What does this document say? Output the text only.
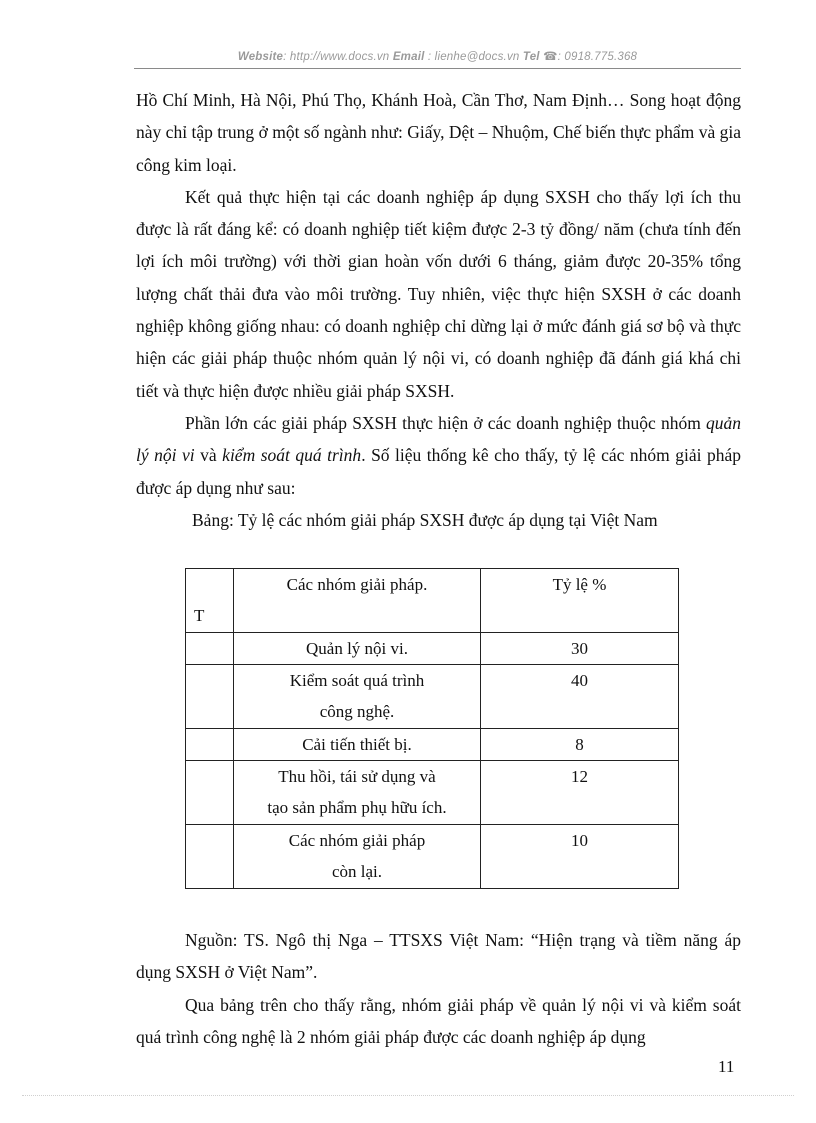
Website: http://www.docs.vn Email : lienhe@docs.vn Tel ☎: 0918.775.368

Hồ Chí Minh, Hà Nội, Phú Thọ, Khánh Hoà, Cần Thơ, Nam Định… Song hoạt động này chỉ tập trung ở một số ngành như: Giấy, Dệt – Nhuộm, Chế biến thực phẩm và gia công kim loại.

Kết quả thực hiện tại các doanh nghiệp áp dụng SXSH cho thấy lợi ích thu được là rất đáng kể: có doanh nghiệp tiết kiệm được 2-3 tỷ đồng/ năm (chưa tính đến lợi ích môi trường) với thời gian hoàn vốn dưới 6 tháng, giảm được 20-35% tổng lượng chất thải đưa vào môi trường. Tuy nhiên, việc thực hiện SXSH ở các doanh nghiệp không giống nhau: có doanh nghiệp chỉ dừng lại ở mức đánh giá sơ bộ và thực hiện các giải pháp thuộc nhóm quản lý nội vi, có doanh nghiệp đã đánh giá khá chi tiết và thực hiện được nhiều giải pháp SXSH.

Phần lớn các giải pháp SXSH thực hiện ở các doanh nghiệp thuộc nhóm quản lý nội vi và kiểm soát quá trình. Số liệu thống kê cho thấy, tỷ lệ các nhóm giải pháp được áp dụng như sau:

Bảng: Tỷ lệ các nhóm giải pháp SXSH được áp dụng tại Việt Nam

T	Các nhóm giải pháp.	Tỷ lệ %

	Quản lý nội vi.	30

	Kiểm soát quá trình
công nghệ.	40

	Cải tiến thiết bị.	8

	Thu hồi, tái sử dụng và
tạo sản phẩm phụ hữu ích.	12

	Các nhóm giải pháp
còn lại.	10

Nguồn: TS. Ngô thị Nga – TTSXS Việt Nam: “Hiện trạng và tiềm năng áp dụng SXSH ở Việt Nam”.

Qua bảng trên cho thấy rằng, nhóm giải pháp về quản lý nội vi và kiểm soát quá trình công nghệ là 2 nhóm giải pháp được các doanh nghiệp áp dụng

11
